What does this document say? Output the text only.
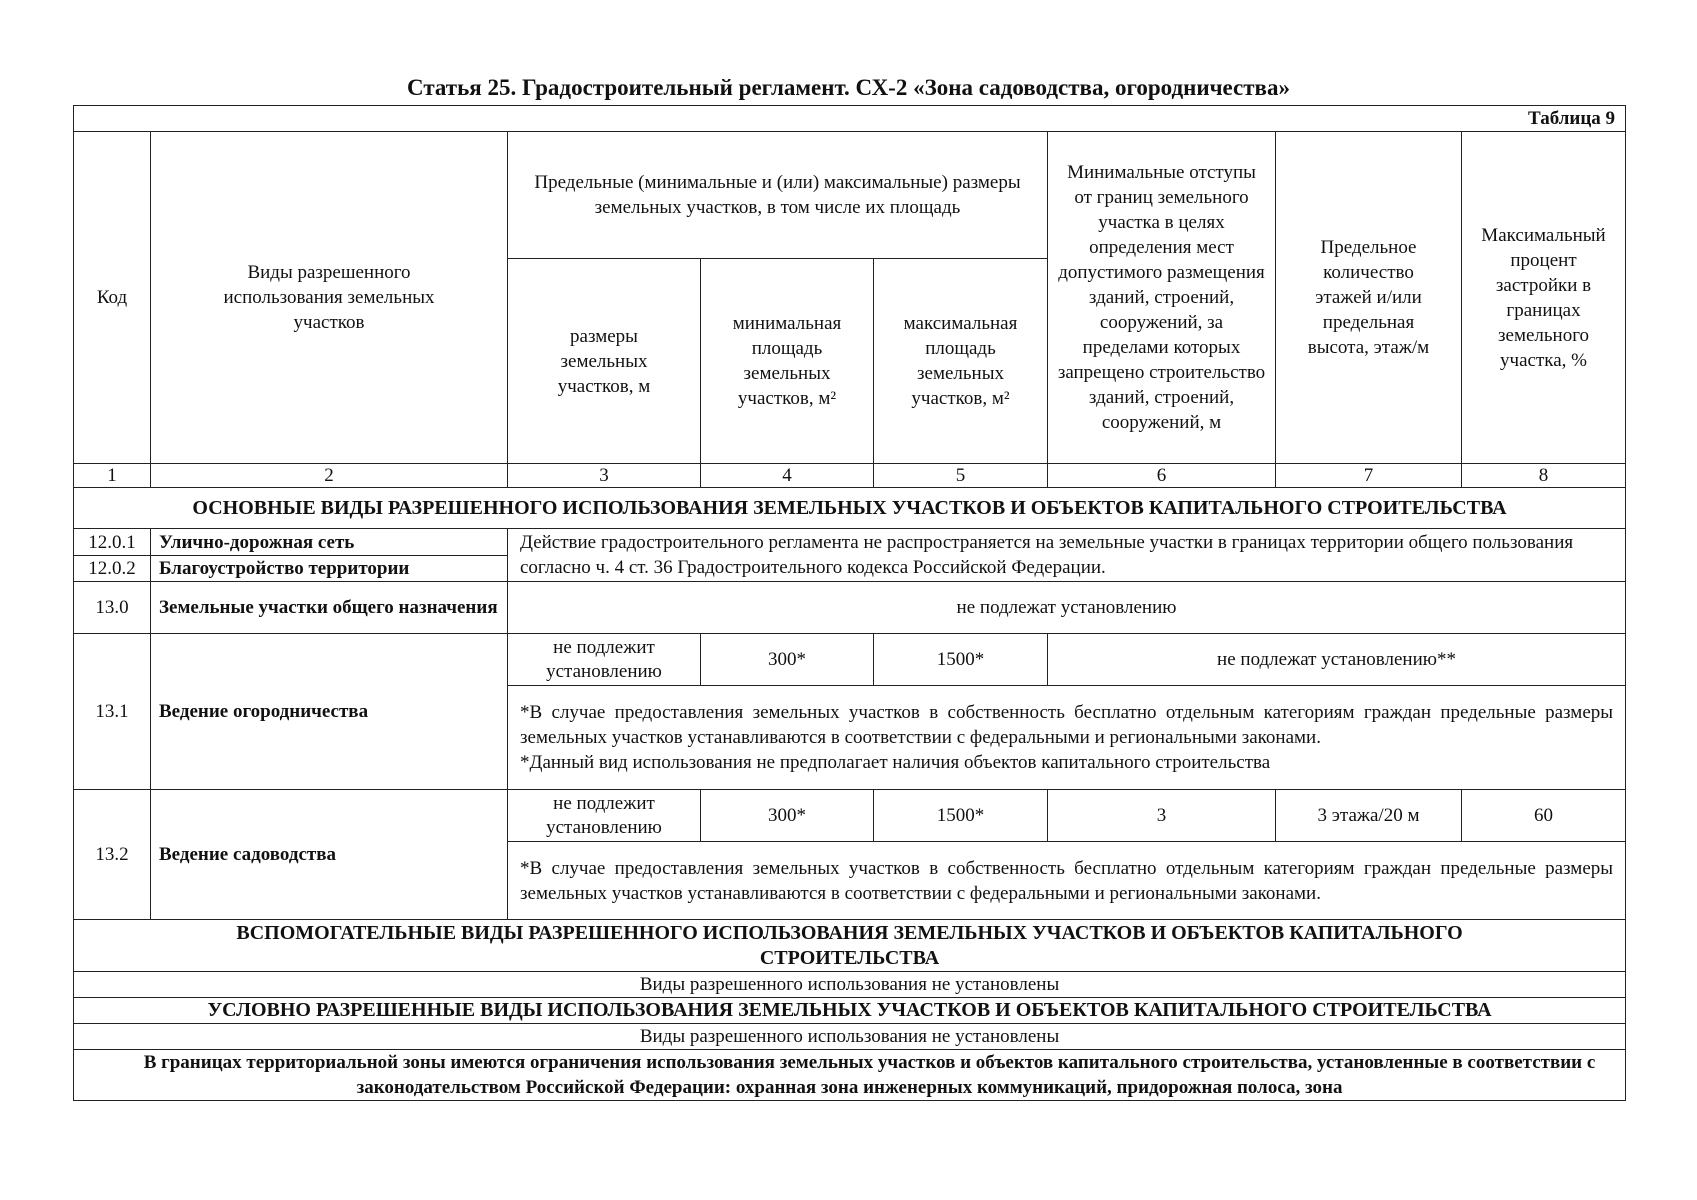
Статья 25. Градостроительный регламент. СХ-2 «Зона садоводства, огородничества»
Таблица 9							
Код	Виды разрешенного использования земельных участков	Предельные (минимальные и (или) максимальные) размеры земельных участков, в том числе их площадь			Минимальные отступы от границ земельного участка в целях определения мест допустимого размещения зданий, строений, сооружений, за пределами которых запрещено строительство зданий, строений, сооружений, м	Предельное количество этажей и/или предельная высота, этаж/м	Максимальный процент застройки в границах земельного участка, %
		размеры земельных участков, м	минимальная площадь земельных участков, м²	максимальная площадь земельных участков, м²			
1	2	3	4	5	6	7	8
ОСНОВНЫЕ ВИДЫ РАЗРЕШЕННОГО ИСПОЛЬЗОВАНИЯ ЗЕМЕЛЬНЫХ УЧАСТКОВ И ОБЪЕКТОВ КАПИТАЛЬНОГО СТРОИТЕЛЬСТВА							
12.0.1	Улично-дорожная сеть	Действие градостроительного регламента не распространяется на земельные участки в границах территории общего пользования согласно ч. 4 ст. 36 Градостроительного кодекса Российской Федерации.					
12.0.2	Благоустройство территории						
13.0	Земельные участки общего назначения	не подлежат установлению					
13.1	Ведение огородничества	не подлежит установлению	300*	1500*	не подлежат установлению**		

		*В случае предоставления земельных участков в собственность бесплатно отдельным категориям граждан предельные размеры земельных участков устанавливаются в соответствии с федеральными и региональными законами.
*Данный вид использования не предполагает наличия объектов капитального строительства					

13.2	Ведение садоводства	не подлежит установлению	300*	1500*	3	3 этажа/20 м	60

		*В случае предоставления земельных участков в собственность бесплатно отдельным категориям граждан предельные размеры земельных участков устанавливаются в соответствии с федеральными и региональными законами.					

ВСПОМОГАТЕЛЬНЫЕ ВИДЫ РАЗРЕШЕННОГО ИСПОЛЬЗОВАНИЯ ЗЕМЕЛЬНЫХ УЧАСТКОВ И ОБЪЕКТОВ КАПИТАЛЬНОГО СТРОИТЕЛЬСТВА							
Виды разрешенного использования не установлены							
УСЛОВНО РАЗРЕШЕННЫЕ ВИДЫ ИСПОЛЬЗОВАНИЯ ЗЕМЕЛЬНЫХ УЧАСТКОВ И ОБЪЕКТОВ КАПИТАЛЬНОГО СТРОИТЕЛЬСТВА							
Виды разрешенного использования не установлены							

В границах территориальной зоны имеются ограничения использования земельных участков и объектов капитального строительства, установленные в соответствии с законодательством Российской Федерации: охранная зона инженерных коммуникаций, придорожная полоса, зона							
